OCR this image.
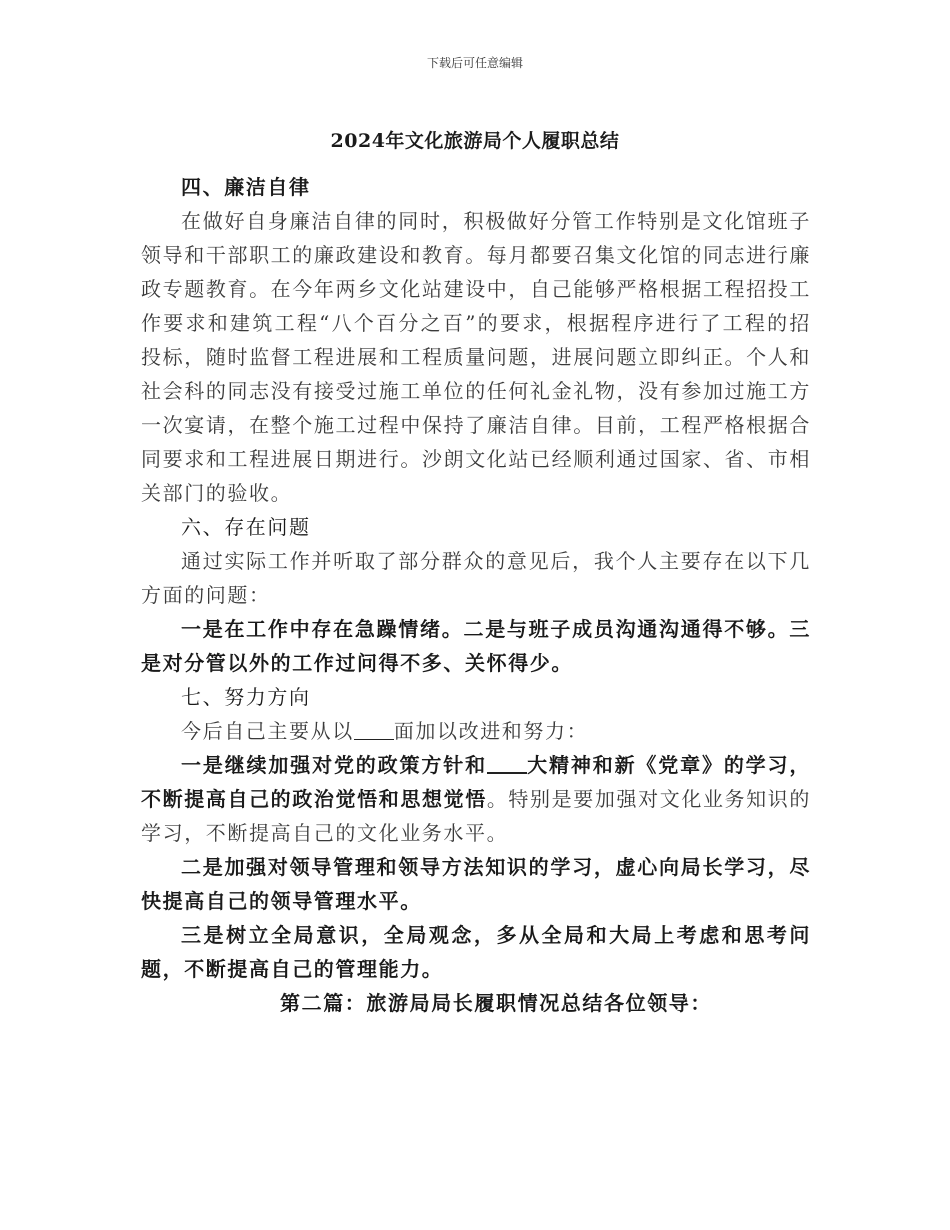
下载后可任意编辑
2024年文化旅游局个人履职总结

四、廉洁自律

在做好自身廉洁自律的同时，积极做好分管工作特别是文化馆班子领导和干部职工的廉政建设和教育。每月都要召集文化馆的同志进行廉政专题教育。在今年两乡文化站建设中，自己能够严格根据工程招投工作要求和建筑工程“八个百分之百”的要求，根据程序进行了工程的招投标，随时监督工程进展和工程质量问题，进展问题立即纠正。个人和社会科的同志没有接受过施工单位的任何礼金礼物，没有参加过施工方一次宴请，在整个施工过程中保持了廉洁自律。目前，工程严格根据合同要求和工程进展日期进行。沙朗文化站已经顺利通过国家、省、市相关部门的验收。

六、存在问题

通过实际工作并听取了部分群众的意见后，我个人主要存在以下几方面的问题：

一是在工作中存在急躁情绪。二是与班子成员沟通沟通得不够。三是对分管以外的工作过问得不多、关怀得少。

七、努力方向

今后自己主要从以 面加以改进和努力：

一是继续加强对党的政策方针和 大精神和新《党章》的学习，不断提高自己的政治觉悟和思想觉悟。特别是要加强对文化业务知识的学习，不断提高自己的文化业务水平。

二是加强对领导管理和领导方法知识的学习，虚心向局长学习，尽快提高自己的领导管理水平。

三是树立全局意识，全局观念，多从全局和大局上考虑和思考问题，不断提高自己的管理能力。

第二篇：旅游局局长履职情况总结各位领导：
